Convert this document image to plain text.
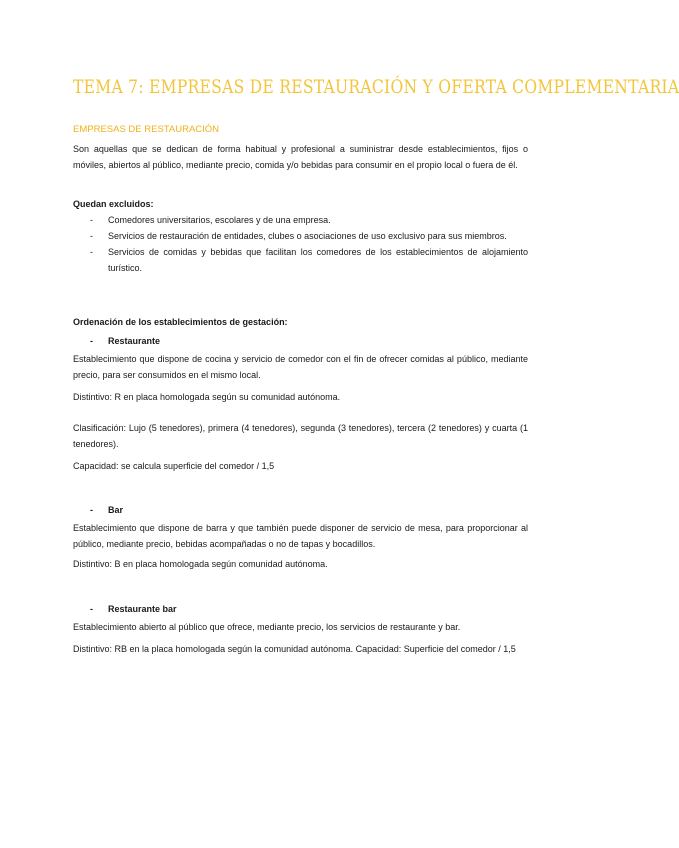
TEMA 7: EMPRESAS DE RESTAURACIÓN Y OFERTA COMPLEMENTARIA

EMPRESAS DE RESTAURACIÓN

Son aquellas que se dedican de forma habitual y profesional a suministrar desde establecimientos, fijos o móviles, abiertos al público, mediante precio, comida y/o bebidas para consumir en el propio local o fuera de él.

Quedan excluidos:

- Comedores universitarios, escolares y de una empresa.
- Servicios de restauración de entidades, clubes o asociaciones de uso exclusivo para sus miembros.
- Servicios de comidas y bebidas que facilitan los comedores de los establecimientos de alojamiento turístico.

Ordenación de los establecimientos de gestación:

- Restaurante

Establecimiento que dispone de cocina y servicio de comedor con el fin de ofrecer comidas al público, mediante precio, para ser consumidos en el mismo local.

Distintivo: R en placa homologada según su comunidad autónoma.

Clasificación: Lujo (5 tenedores), primera (4 tenedores), segunda (3 tenedores), tercera (2 tenedores) y cuarta (1 tenedores).

Capacidad: se calcula superficie del comedor / 1,5

- Bar

Establecimiento que dispone de barra y que también puede disponer de servicio de mesa, para proporcionar al público, mediante precio, bebidas acompañadas o no de tapas y bocadillos.

Distintivo: B en placa homologada según comunidad autónoma.

- Restaurante bar

Establecimiento abierto al público que ofrece, mediante precio, los servicios de restaurante y bar.

Distintivo: RB en la placa homologada según la comunidad autónoma. Capacidad: Superficie del comedor / 1,5
